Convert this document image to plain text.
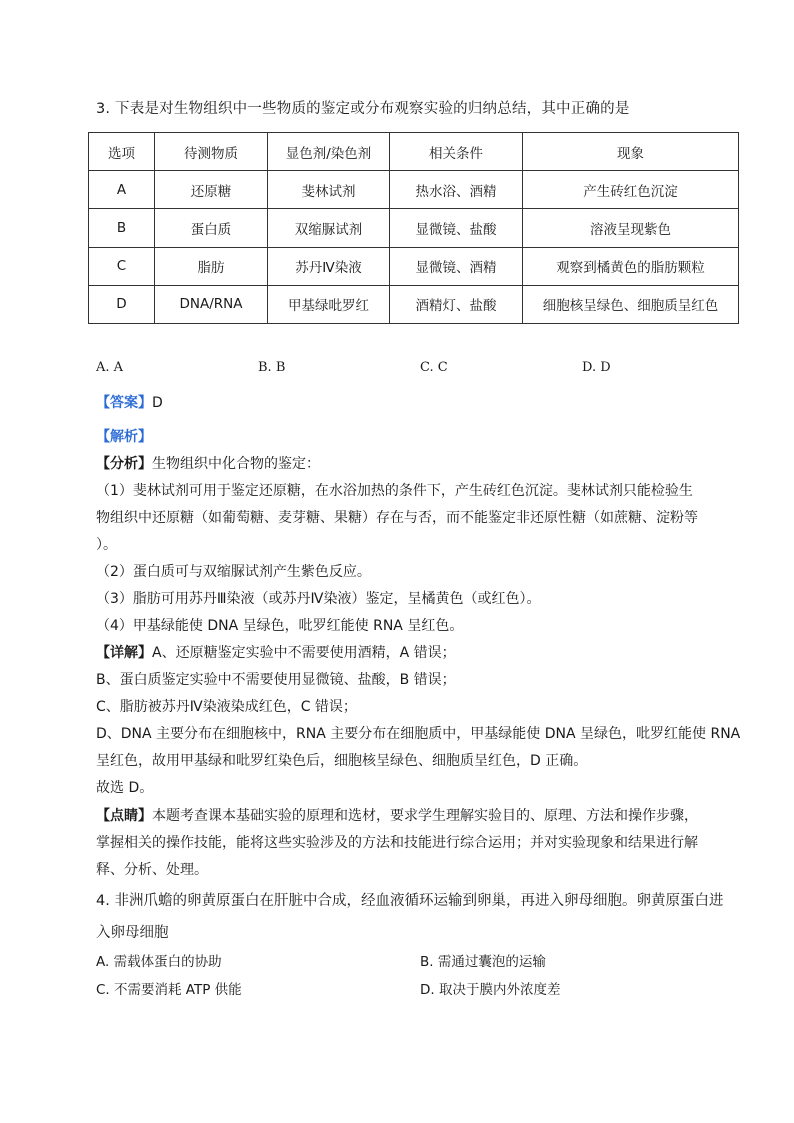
3. 下表是对生物组织中一些物质的鉴定或分布观察实验的归纳总结，其中正确的是
选项	待测物质	显色剂/染色剂	相关条件	现象
A	还原糖	斐林试剂	热水浴、酒精	产生砖红色沉淀
B	蛋白质	双缩脲试剂	显微镜、盐酸	溶液呈现紫色
C	脂肪	苏丹Ⅳ染液	显微镜、酒精	观察到橘黄色的脂肪颗粒
D	DNA/RNA	甲基绿吡罗红	酒精灯、盐酸	细胞核呈绿色、细胞质呈红色
A. A	B. B	C. C	D. D
【答案】D
【解析】
【分析】生物组织中化合物的鉴定：
（1）斐林试剂可用于鉴定还原糖，在水浴加热的条件下，产生砖红色沉淀。斐林试剂只能检验生
物组织中还原糖（如葡萄糖、麦芽糖、果糖）存在与否，而不能鉴定非还原性糖（如蔗糖、淀粉等
）。
（2）蛋白质可与双缩脲试剂产生紫色反应。
（3）脂肪可用苏丹Ⅲ染液（或苏丹Ⅳ染液）鉴定，呈橘黄色（或红色）。
（4）甲基绿能使 DNA 呈绿色，吡罗红能使 RNA 呈红色。
【详解】A、还原糖鉴定实验中不需要使用酒精，A 错误；
B、蛋白质鉴定实验中不需要使用显微镜、盐酸，B 错误；
C、脂肪被苏丹Ⅳ染液染成红色，C 错误；
D、DNA 主要分布在细胞核中，RNA 主要分布在细胞质中，甲基绿能使 DNA 呈绿色，吡罗红能使 RNA
呈红色，故用甲基绿和吡罗红染色后，细胞核呈绿色、细胞质呈红色，D 正确。
故选 D。
【点睛】本题考查课本基础实验的原理和选材，要求学生理解实验目的、原理、方法和操作步骤，
掌握相关的操作技能，能将这些实验涉及的方法和技能进行综合运用；并对实验现象和结果进行解
释、分析、处理。
4. 非洲爪蟾的卵黄原蛋白在肝脏中合成，经血液循环运输到卵巢，再进入卵母细胞。卵黄原蛋白进
入卵母细胞
A. 需载体蛋白的协助	B. 需通过囊泡的运输
C. 不需要消耗 ATP 供能	D. 取决于膜内外浓度差
